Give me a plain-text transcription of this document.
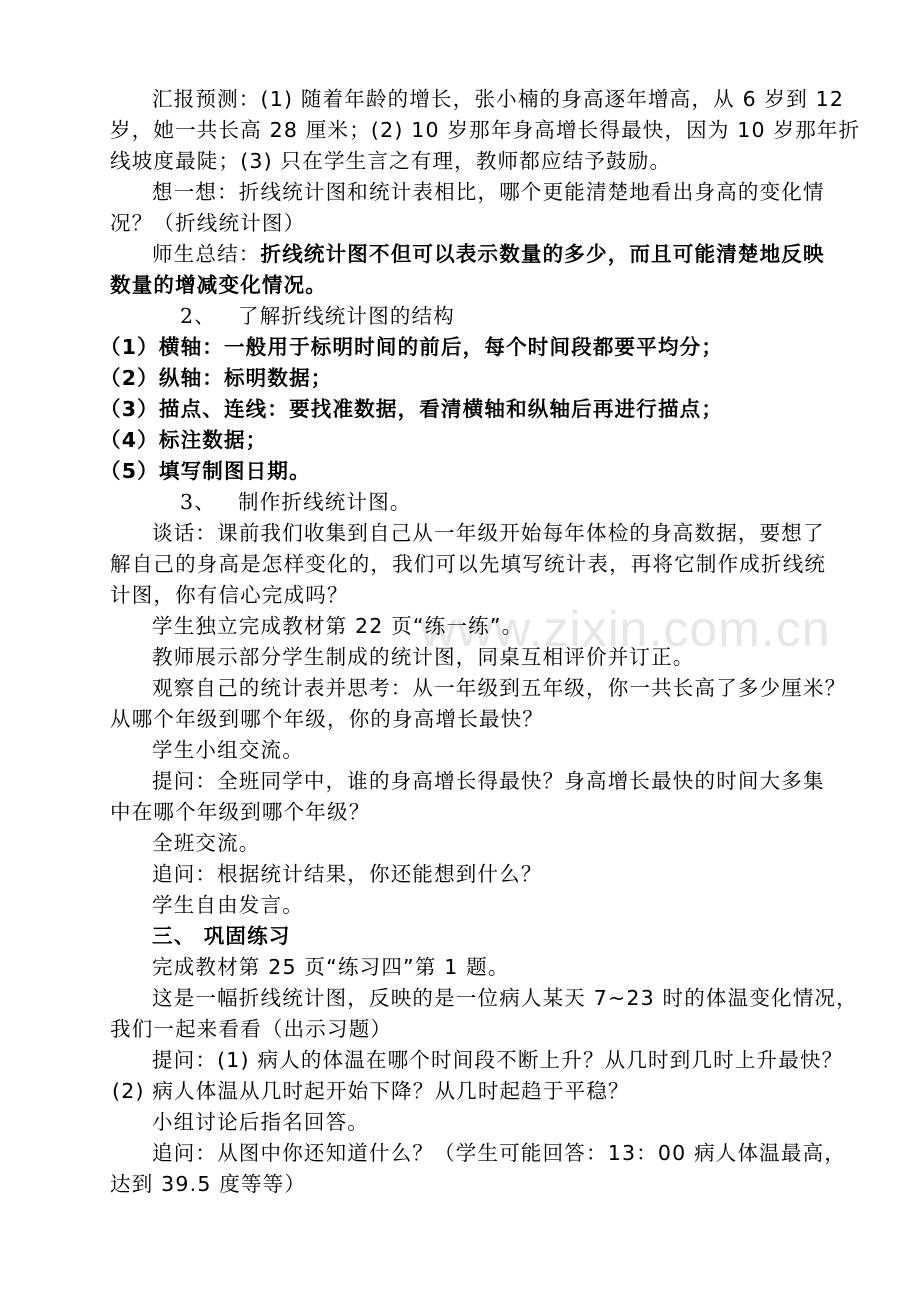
www.zixin.com.cn
汇报预测：(1) 随着年龄的增长，张小楠的身高逐年增高，从 6 岁到 12
岁，她一共长高 28 厘米；(2) 10 岁那年身高增长得最快，因为 10 岁那年折
线坡度最陡；(3) 只在学生言之有理，教师都应结予鼓励。
想一想：折线统计图和统计表相比，哪个更能清楚地看出身高的变化情
况？（折线统计图）
师生总结：折线统计图不但可以表示数量的多少，而且可能清楚地反映
数量的增减变化情况。
2、 了解折线统计图的结构
（1）横轴：一般用于标明时间的前后，每个时间段都要平均分；
（2）纵轴：标明数据；
（3）描点、连线：要找准数据，看清横轴和纵轴后再进行描点；
（4）标注数据；
（5）填写制图日期。
3、 制作折线统计图。
谈话：课前我们收集到自己从一年级开始每年体检的身高数据，要想了
解自己的身高是怎样变化的，我们可以先填写统计表，再将它制作成折线统
计图，你有信心完成吗？
学生独立完成教材第 22 页“练一练”。
教师展示部分学生制成的统计图，同桌互相评价并订正。
观察自己的统计表并思考：从一年级到五年级，你一共长高了多少厘米？
从哪个年级到哪个年级，你的身高增长最快？
学生小组交流。
提问：全班同学中，谁的身高增长得最快？身高增长最快的时间大多集
中在哪个年级到哪个年级？
全班交流。
追问：根据统计结果，你还能想到什么？
学生自由发言。
三、 巩固练习
完成教材第 25 页“练习四”第 1 题。
这是一幅折线统计图，反映的是一位病人某天 7~23 时的体温变化情况，
我们一起来看看（出示习题）
提问：(1) 病人的体温在哪个时间段不断上升？从几时到几时上升最快？
(2) 病人体温从几时起开始下降？从几时起趋于平稳？
小组讨论后指名回答。
追问：从图中你还知道什么？（学生可能回答：13：00 病人体温最高，
达到 39.5 度等等）
